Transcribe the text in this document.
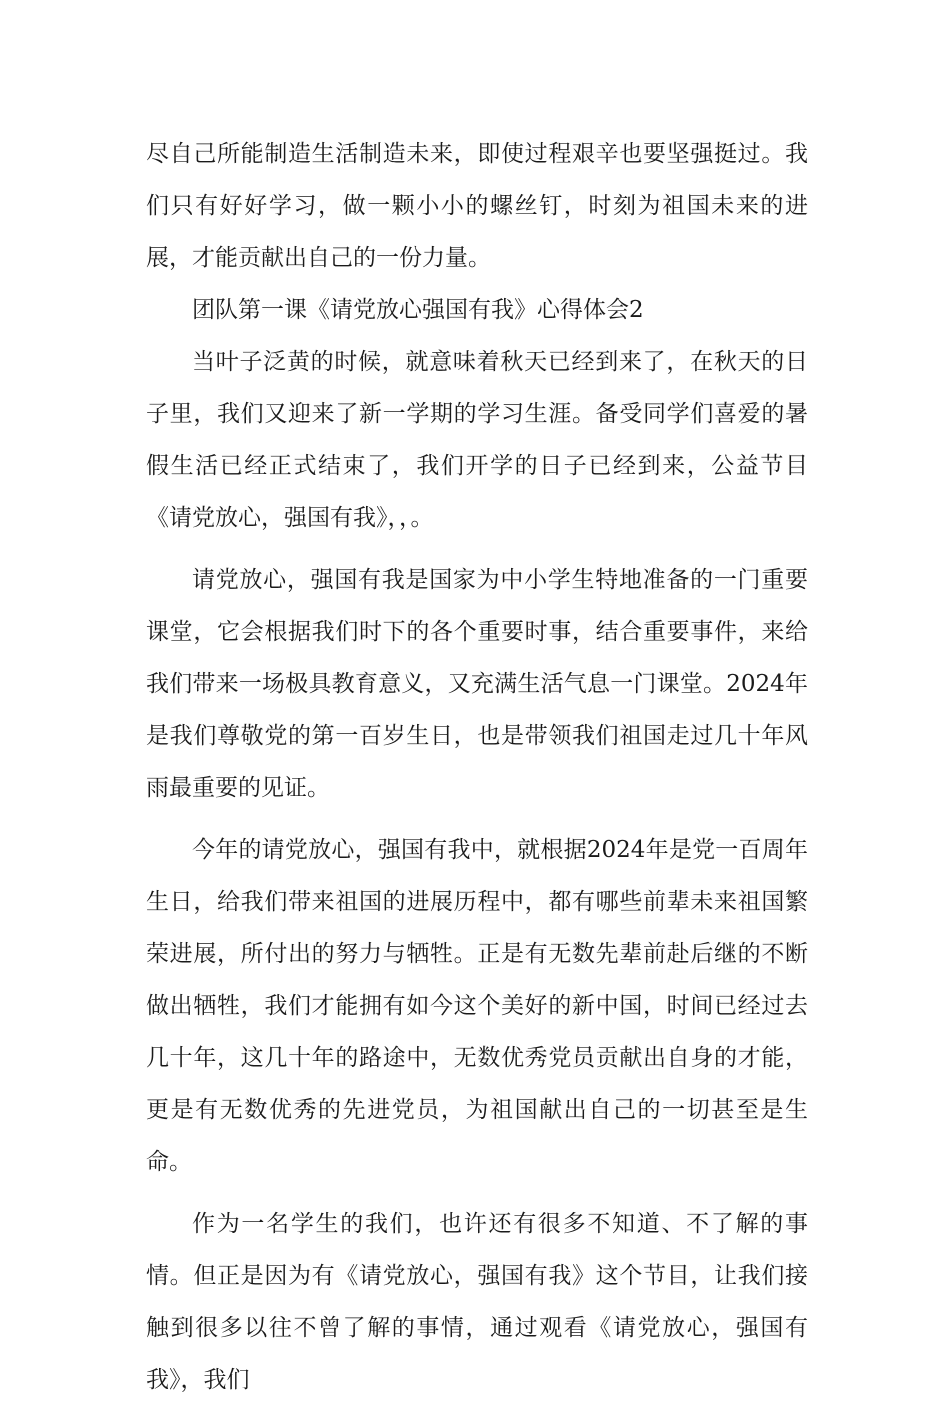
尽自己所能制造生活制造未来，即使过程艰辛也要坚强挺过。我们只有好好学习，做一颗小小的螺丝钉，时刻为祖国未来的进展，才能贡献出自己的一份力量。

团队第一课《请党放心强国有我》心得体会2

当叶子泛黄的时候，就意味着秋天已经到来了，在秋天的日子里，我们又迎来了新一学期的学习生涯。备受同学们喜爱的暑假生活已经正式结束了，我们开学的日子已经到来，公益节目《请党放心，强国有我》，，。

请党放心，强国有我是国家为中小学生特地准备的一门重要课堂，它会根据我们时下的各个重要时事，结合重要事件，来给我们带来一场极具教育意义，又充满生活气息一门课堂。2024年是我们尊敬党的第一百岁生日，也是带领我们祖国走过几十年风雨最重要的见证。

今年的请党放心，强国有我中，就根据2024年是党一百周年生日，给我们带来祖国的进展历程中，都有哪些前辈未来祖国繁荣进展，所付出的努力与牺牲。正是有无数先辈前赴后继的不断做出牺牲，我们才能拥有如今这个美好的新中国，时间已经过去几十年，这几十年的路途中，无数优秀党员贡献出自身的才能，更是有无数优秀的先进党员，为祖国献出自己的一切甚至是生命。

作为一名学生的我们，也许还有很多不知道、不了解的事情。但正是因为有《请党放心，强国有我》这个节目，让我们接触到很多以往不曾了解的事情，通过观看《请党放心，强国有我》，我们
